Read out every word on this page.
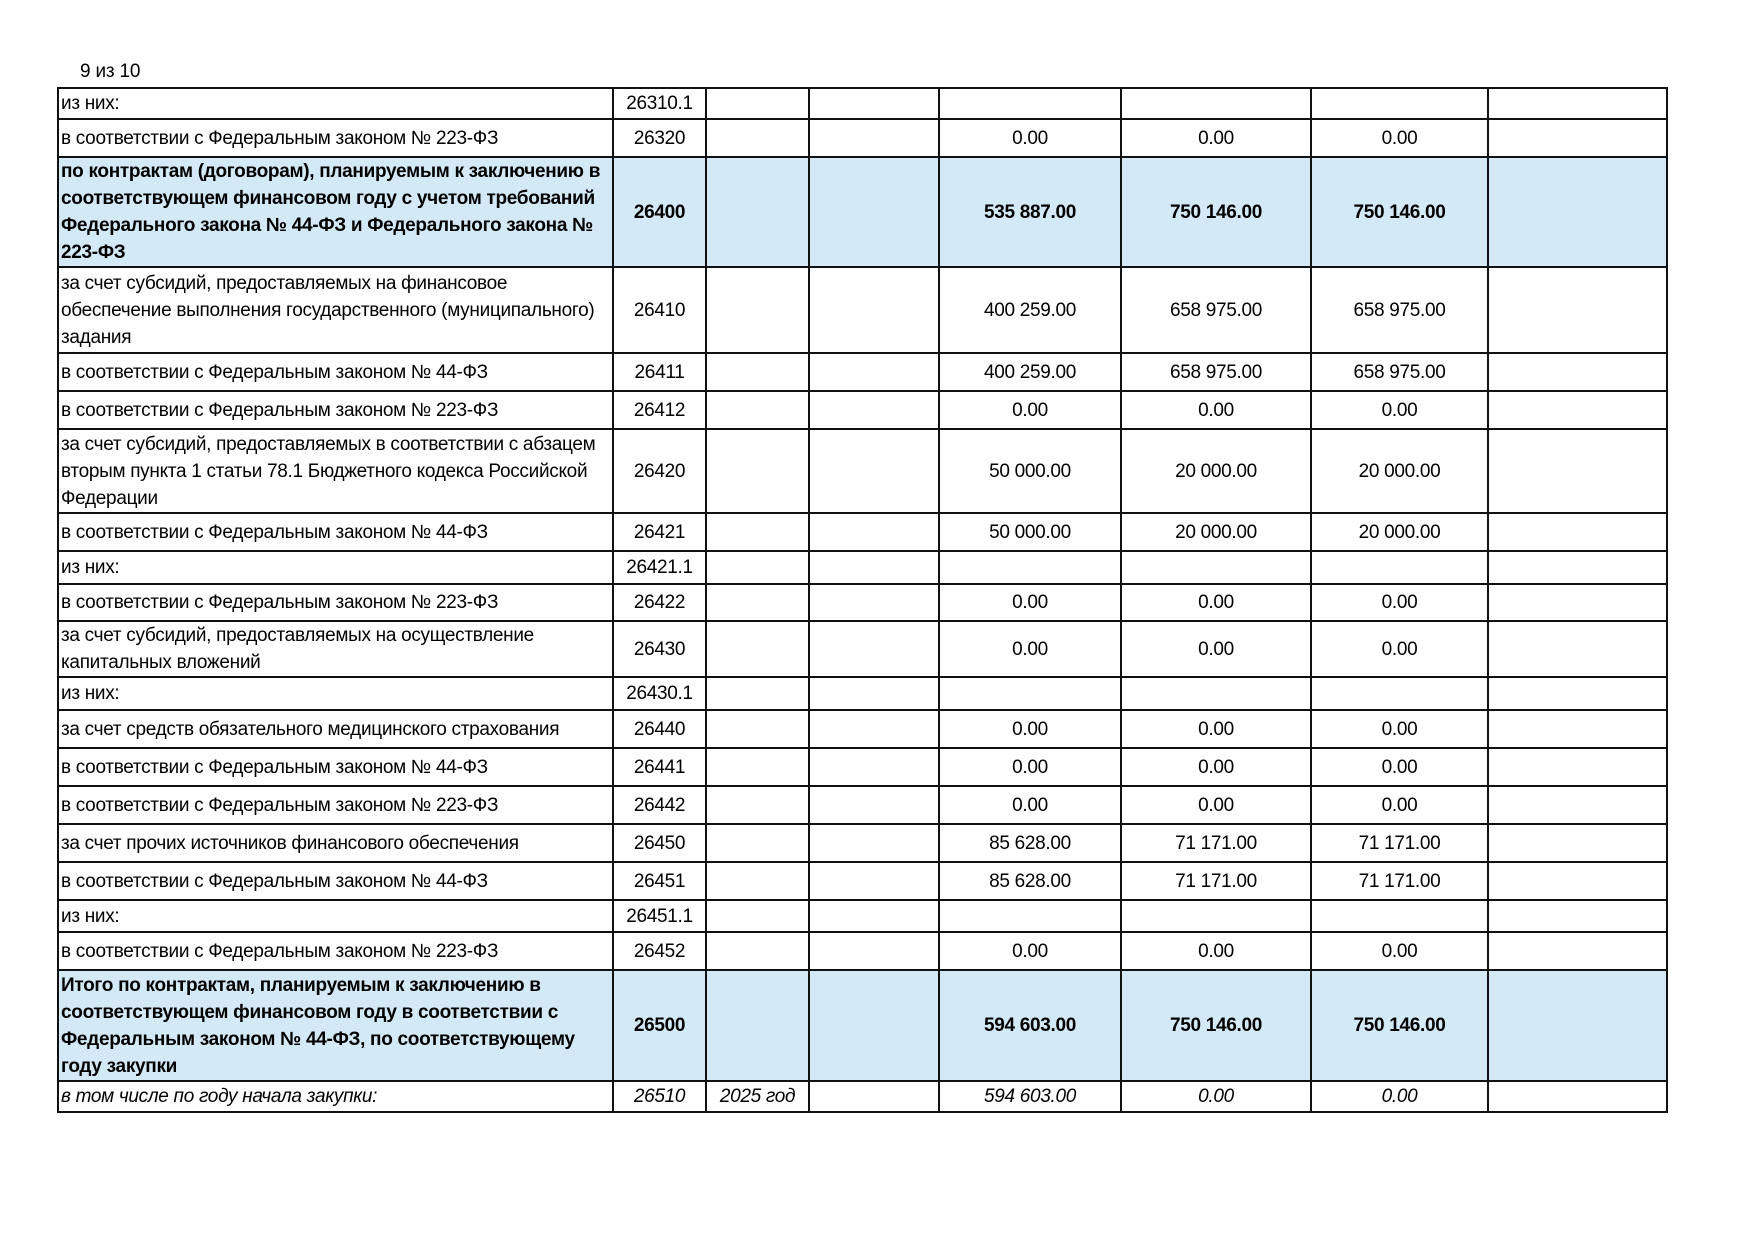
9 из 10
из них:	26310.1						
в соответствии с Федеральным законом № 223-ФЗ	26320			0.00	0.00	0.00	
по контрактам (договорам), планируемым к заключению в соответствующем финансовом году с учетом требований Федерального закона № 44-ФЗ и Федерального закона № 223-ФЗ	26400			535 887.00	750 146.00	750 146.00	
за счет субсидий, предоставляемых на финансовое обеспечение выполнения государственного (муниципального) задания	26410			400 259.00	658 975.00	658 975.00	
в соответствии с Федеральным законом № 44-ФЗ	26411			400 259.00	658 975.00	658 975.00	
в соответствии с Федеральным законом № 223-ФЗ	26412			0.00	0.00	0.00	
за счет субсидий, предоставляемых в соответствии с абзацем вторым пункта 1 статьи 78.1 Бюджетного кодекса Российской Федерации	26420			50 000.00	20 000.00	20 000.00	
в соответствии с Федеральным законом № 44-ФЗ	26421			50 000.00	20 000.00	20 000.00	
из них:	26421.1						
в соответствии с Федеральным законом № 223-ФЗ	26422			0.00	0.00	0.00	
за счет субсидий, предоставляемых на осуществление капитальных вложений	26430			0.00	0.00	0.00	
из них:	26430.1						
за счет средств обязательного медицинского страхования	26440			0.00	0.00	0.00	
в соответствии с Федеральным законом № 44-ФЗ	26441			0.00	0.00	0.00	
в соответствии с Федеральным законом № 223-ФЗ	26442			0.00	0.00	0.00	
за счет прочих источников финансового обеспечения	26450			85 628.00	71 171.00	71 171.00	
в соответствии с Федеральным законом № 44-ФЗ	26451			85 628.00	71 171.00	71 171.00	
из них:	26451.1						
в соответствии с Федеральным законом № 223-ФЗ	26452			0.00	0.00	0.00	
Итого по контрактам, планируемым к заключению в соответствующем финансовом году в соответствии с Федеральным законом № 44-ФЗ, по соответствующему году закупки	26500			594 603.00	750 146.00	750 146.00	
в том числе по году начала закупки:	26510	2025 год		594 603.00	0.00	0.00	
